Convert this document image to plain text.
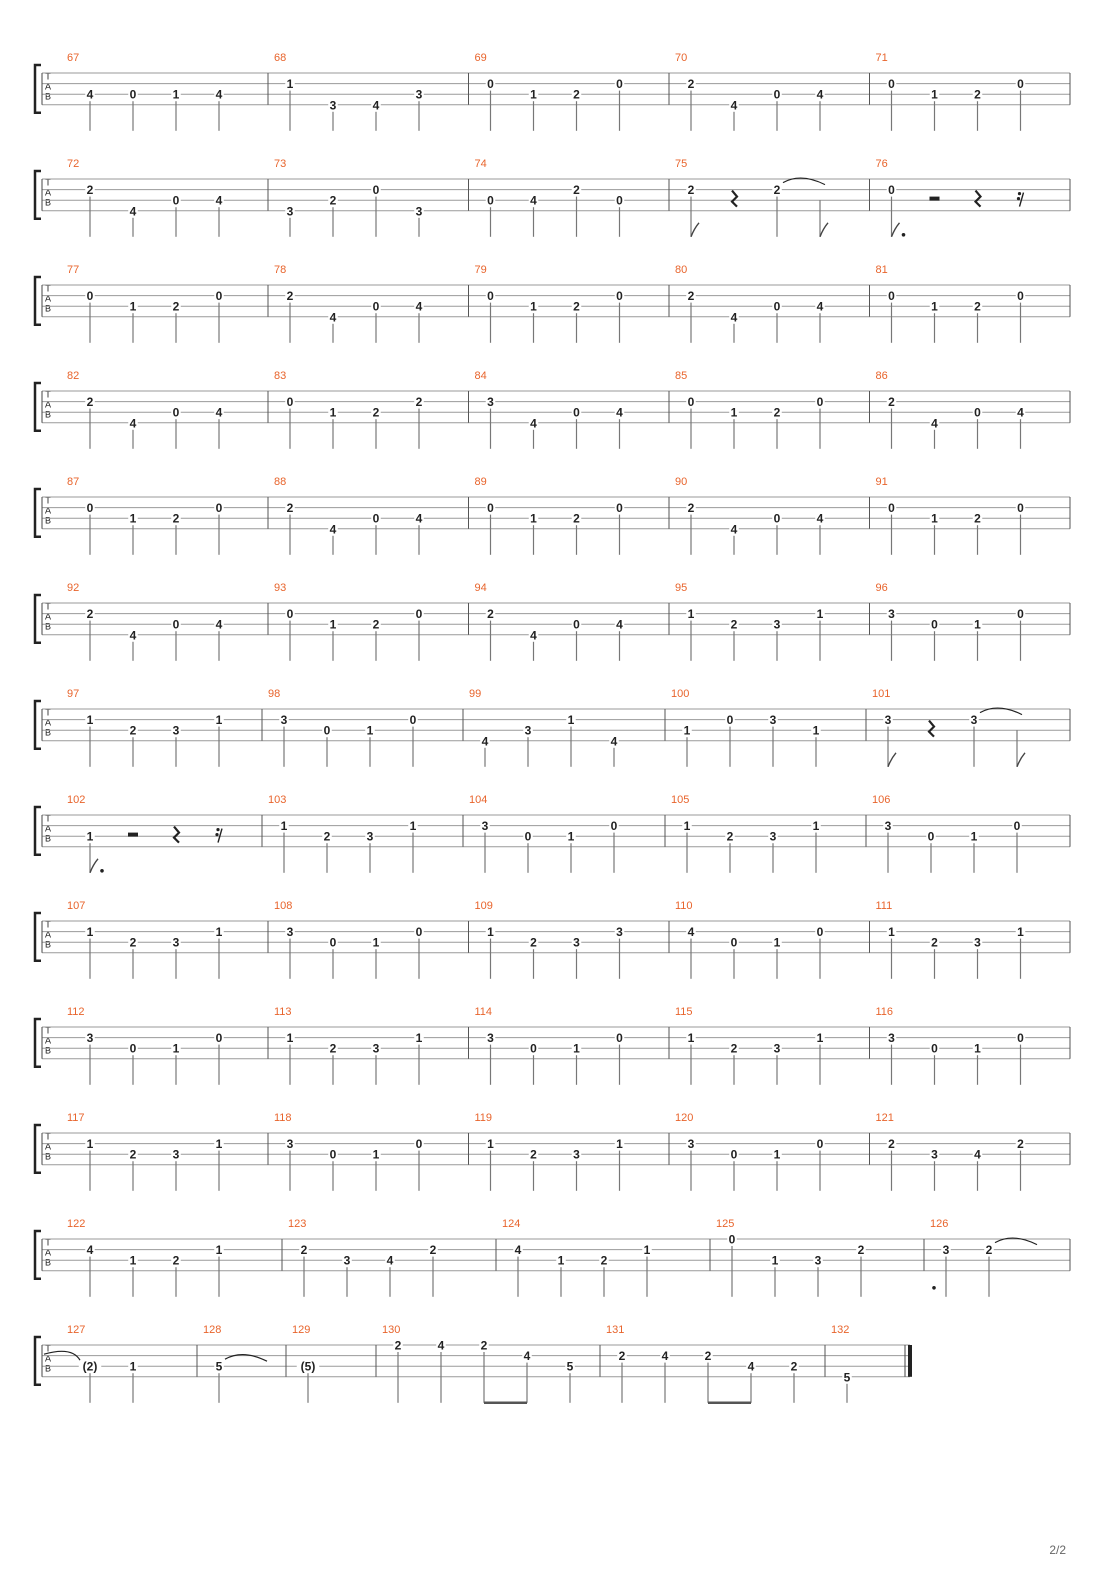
T
A
B
67
4	0	1	4
68
1
3	4
3
69
0
1	2
0
70
2
4
0	4
71
0
1	2
0
T
A
B
72
2
4
0	4
73
3
2
0
3
74
0	4
2
0
75
2	2
76
0
T
A
B
77
0
1	2
0
78
2
4
0	4
79
0
1	2
0
80
2
4
0	4
81
0
1	2
0
T
A
B
82
2
4
0	4
83
0
1	2
2
84
3
4
0	4
85
0
1	2
0
86
2
4
0	4
T
A
B
87
0
1	2
0
88
2
4
0	4
89
0
1	2
0
90
2
4
0	4
91
0
1	2
0
T
A
B
92
2
4
0	4
93
0
1	2
0
94
2
4
0	4
95
1
2	3
1
96
3
0	1
0
T
A
B
97
1
2	3
1
98
3
0	1
0
99
4
3
1
4
100
1
0	3
1
101
3	3
T
A
B
102
1
103
1
2	3
1
104
3
0	1
0
105
1
2	3
1
106
3
0	1
0
T
A
B
107
1
2	3
1
108
3
0	1
0
109
1
2	3
3
110
4
0	1
0
111
1
2	3
1
T
A
B
112
3
0	1
0
113
1
2	3
1
114
3
0	1
0
115
1
2	3
1
116
3
0	1
0
T
A
B
117
1
2	3
1
118
3
0	1
0
119
1
2	3
1
120
3
0	1
0
121
2
3	4
2
T
A
B
122
4
1	2
1
123
2
3	4
2
124
4
1	2
1
125
0
1	3
2
126
3	2
T
A
B
127
(2)	1
128
5
129
(5)
130
2	4	2
4
5
131
2	4	2
4	2
132
5
2/2
